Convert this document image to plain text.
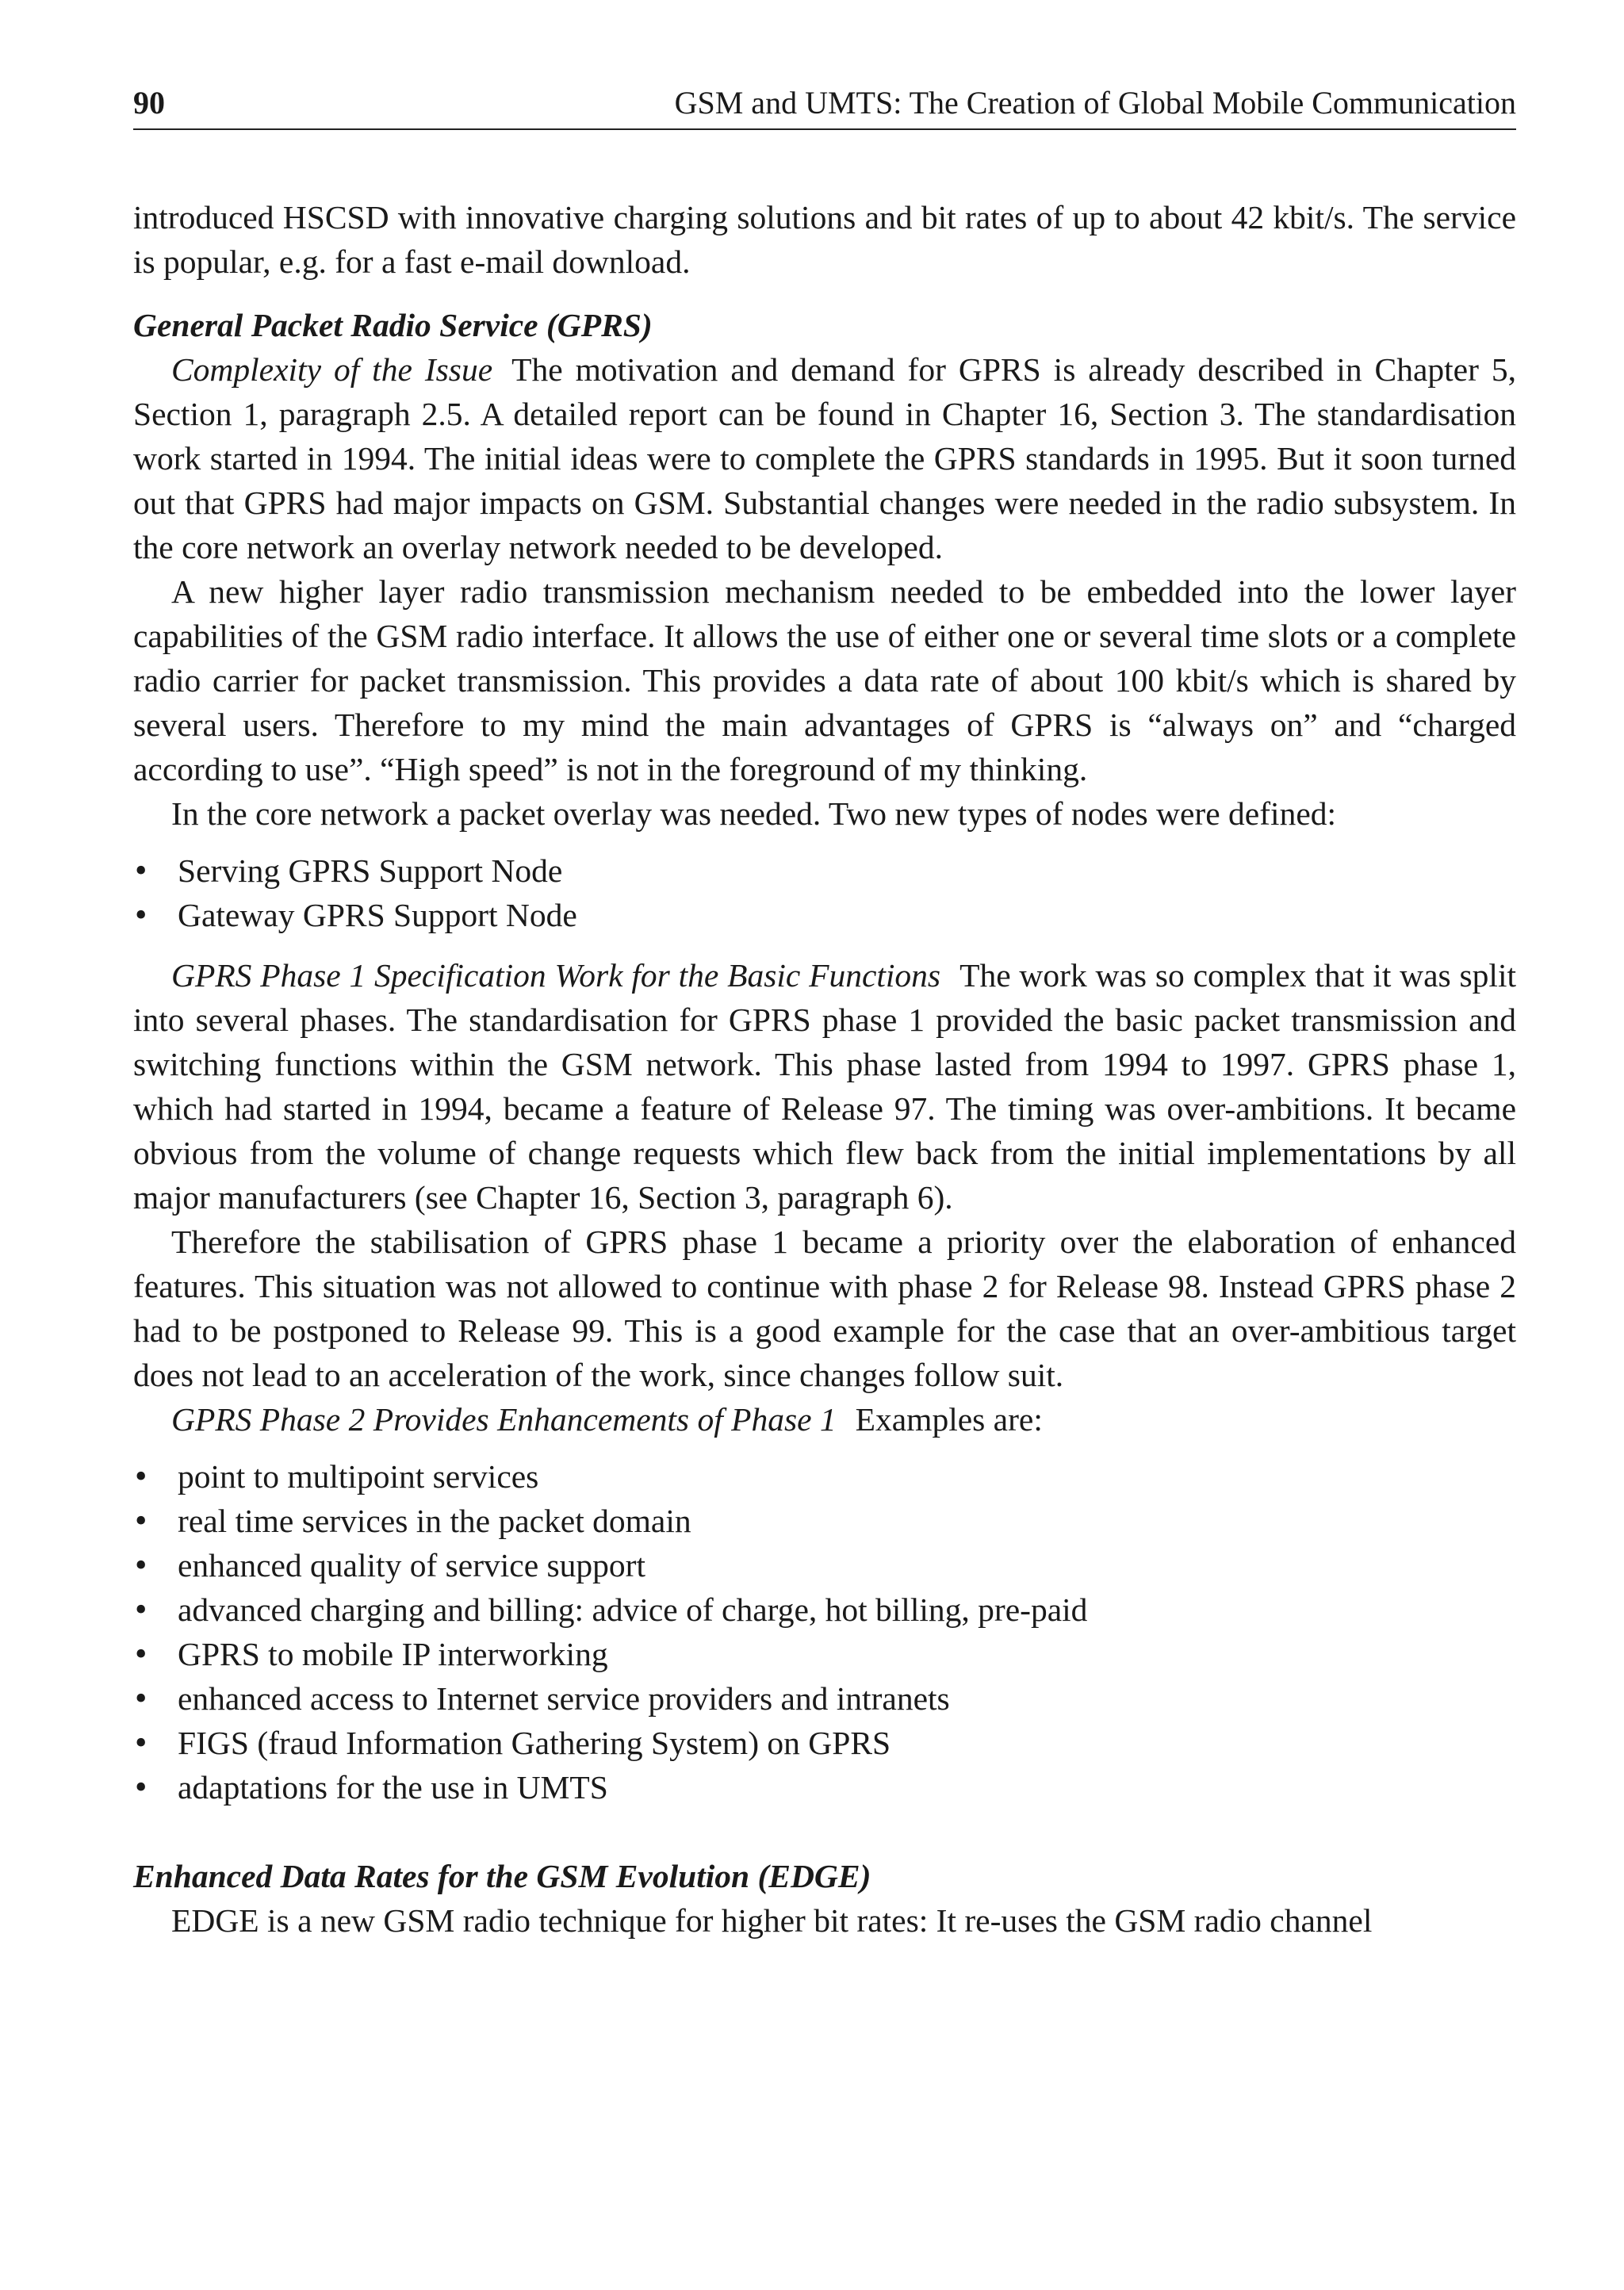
90	GSM and UMTS: The Creation of Global Mobile Communication

introduced HSCSD with innovative charging solutions and bit rates of up to about 42 kbit/s. The service is popular, e.g. for a fast e-mail download.

General Packet Radio Service (GPRS)

Complexity of the Issue The motivation and demand for GPRS is already described in Chapter 5, Section 1, paragraph 2.5. A detailed report can be found in Chapter 16, Section 3. The standardisation work started in 1994. The initial ideas were to complete the GPRS standards in 1995. But it soon turned out that GPRS had major impacts on GSM. Substantial changes were needed in the radio subsystem. In the core network an overlay network needed to be developed.

A new higher layer radio transmission mechanism needed to be embedded into the lower layer capabilities of the GSM radio interface. It allows the use of either one or several time slots or a complete radio carrier for packet transmission. This provides a data rate of about 100 kbit/s which is shared by several users. Therefore to my mind the main advantages of GPRS is “always on” and “charged according to use”. “High speed” is not in the foreground of my thinking.

In the core network a packet overlay was needed. Two new types of nodes were defined:

• Serving GPRS Support Node
• Gateway GPRS Support Node

GPRS Phase 1 Specification Work for the Basic Functions The work was so complex that it was split into several phases. The standardisation for GPRS phase 1 provided the basic packet transmission and switching functions within the GSM network. This phase lasted from 1994 to 1997. GPRS phase 1, which had started in 1994, became a feature of Release 97. The timing was over-ambitions. It became obvious from the volume of change requests which flew back from the initial implementations by all major manufacturers (see Chapter 16, Section 3, paragraph 6).

Therefore the stabilisation of GPRS phase 1 became a priority over the elaboration of enhanced features. This situation was not allowed to continue with phase 2 for Release 98. Instead GPRS phase 2 had to be postponed to Release 99. This is a good example for the case that an over-ambitious target does not lead to an acceleration of the work, since changes follow suit.

GPRS Phase 2 Provides Enhancements of Phase 1 Examples are:

• point to multipoint services
• real time services in the packet domain
• enhanced quality of service support
• advanced charging and billing: advice of charge, hot billing, pre-paid
• GPRS to mobile IP interworking
• enhanced access to Internet service providers and intranets
• FIGS (fraud Information Gathering System) on GPRS
• adaptations for the use in UMTS

Enhanced Data Rates for the GSM Evolution (EDGE)

EDGE is a new GSM radio technique for higher bit rates: It re-uses the GSM radio channel
